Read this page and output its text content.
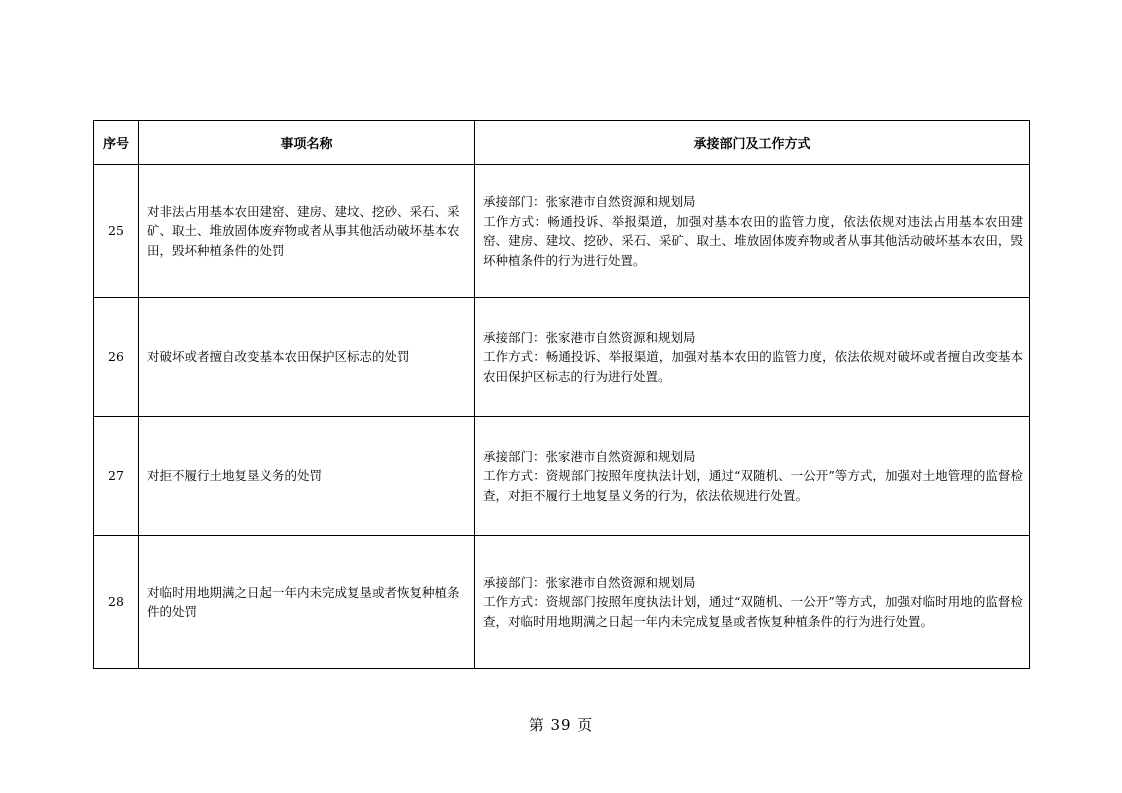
序号	事项名称	承接部门及工作方式
25	对非法占用基本农田建窑、建房、建坟、挖砂、采石、采矿、取土、堆放固体废弃物或者从事其他活动破坏基本农田，毁坏种植条件的处罚	承接部门：张家港市自然资源和规划局
工作方式：畅通投诉、举报渠道，加强对基本农田的监管力度，依法依规对违法占用基本农田建窑、建房、建坟、挖砂、采石、采矿、取土、堆放固体废弃物或者从事其他活动破坏基本农田，毁坏种植条件的行为进行处置。

26	对破坏或者擅自改变基本农田保护区标志的处罚	承接部门：张家港市自然资源和规划局
工作方式：畅通投诉、举报渠道，加强对基本农田的监管力度，依法依规对破坏或者擅自改变基本农田保护区标志的行为进行处置。

27	对拒不履行土地复垦义务的处罚	承接部门：张家港市自然资源和规划局
工作方式：资规部门按照年度执法计划，通过“双随机、一公开”等方式，加强对土地管理的监督检查，对拒不履行土地复垦义务的行为，依法依规进行处置。

28	对临时用地期满之日起一年内未完成复垦或者恢复种植条件的处罚	承接部门：张家港市自然资源和规划局
工作方式：资规部门按照年度执法计划，通过“双随机、一公开”等方式，加强对临时用地的监督检查，对临时用地期满之日起一年内未完成复垦或者恢复种植条件的行为进行处置。
第 39 页
